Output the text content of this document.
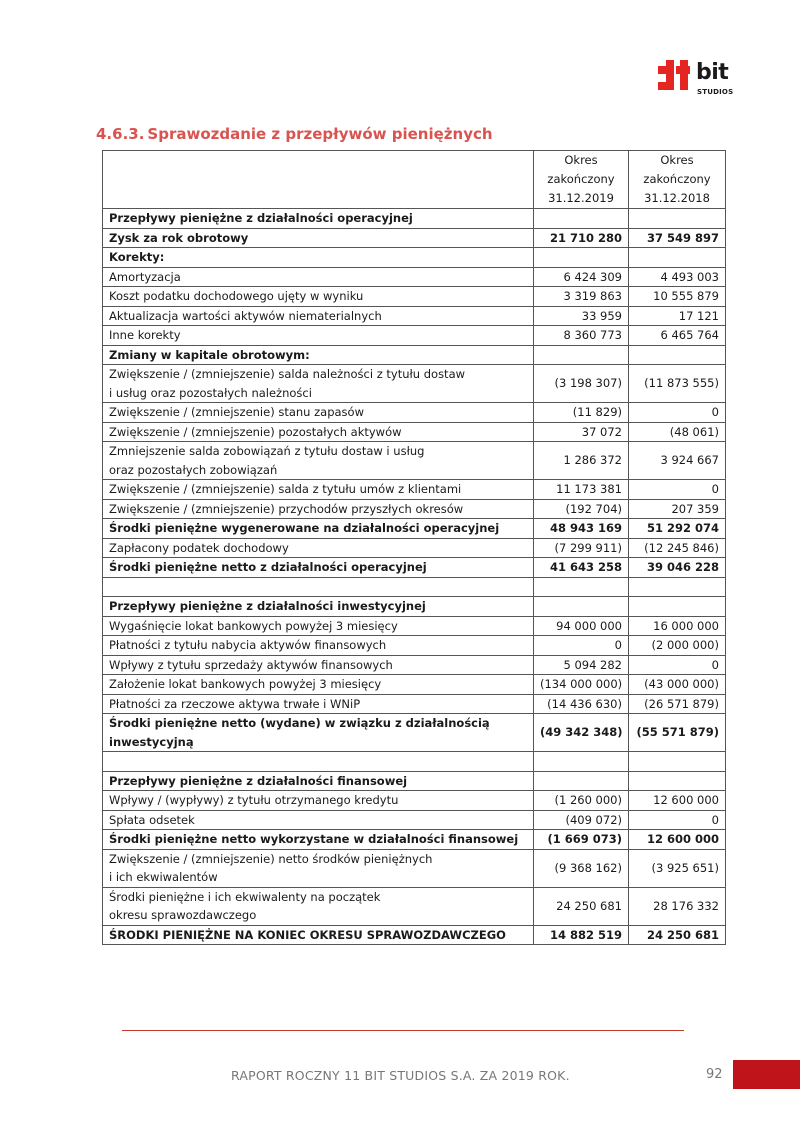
bit
STUDIOS
4.6.3. Sprawozdanie z przepływów pieniężnych

	Okres
zakończony
31.12.2019	Okres
zakończony
31.12.2018

Przepływy pieniężne z działalności operacyjnej		
Zysk za rok obrotowy	21 710 280	37 549 897
Korekty:		
Amortyzacja	6 424 309	4 493 003
Koszt podatku dochodowego ujęty w wyniku	3 319 863	10 555 879
Aktualizacja wartości aktywów niematerialnych	33 959	17 121
Inne korekty	8 360 773	6 465 764
Zmiany w kapitale obrotowym:		

Zwiększenie / (zmniejszenie) salda należności z tytułu dostaw
i usług oraz pozostałych należności	(3 198 307)	(11 873 555)
Zwiększenie / (zmniejszenie) stanu zapasów	(11 829)	0
Zwiększenie / (zmniejszenie) pozostałych aktywów	37 072	(48 061)

Zmniejszenie salda zobowiązań z tytułu dostaw i usług
oraz pozostałych zobowiązań	1 286 372	3 924 667
Zwiększenie / (zmniejszenie) salda z tytułu umów z klientami	11 173 381	0
Zwiększenie / (zmniejszenie) przychodów przyszłych okresów	(192 704)	207 359
Środki pieniężne wygenerowane na działalności operacyjnej	48 943 169	51 292 074
Zapłacony podatek dochodowy	(7 299 911)	(12 245 846)
Środki pieniężne netto z działalności operacyjnej	41 643 258	39 046 228

Przepływy pieniężne z działalności inwestycyjnej		
Wygaśnięcie lokat bankowych powyżej 3 miesięcy	94 000 000	16 000 000
Płatności z tytułu nabycia aktywów finansowych	0	(2 000 000)
Wpływy z tytułu sprzedaży aktywów finansowych	5 094 282	0
Założenie lokat bankowych powyżej 3 miesięcy	(134 000 000)	(43 000 000)
Płatności za rzeczowe aktywa trwałe i WNiP	(14 436 630)	(26 571 879)

Środki pieniężne netto (wydane) w związku z działalnością
inwestycyjną	(49 342 348)	(55 571 879)

Przepływy pieniężne z działalności finansowej		
Wpływy / (wypływy) z tytułu otrzymanego kredytu	(1 260 000)	12 600 000
Spłata odsetek	(409 072)	0
Środki pieniężne netto wykorzystane w działalności finansowej	(1 669 073)	12 600 000

Zwiększenie / (zmniejszenie) netto środków pieniężnych
i ich ekwiwalentów	(9 368 162)	(3 925 651)

Środki pieniężne i ich ekwiwalenty na początek
okresu sprawozdawczego	24 250 681	28 176 332
ŚRODKI PIENIĘŻNE NA KONIEC OKRESU SPRAWOZDAWCZEGO	14 882 519	24 250 681
RAPORT ROCZNY 11 BIT STUDIOS S.A. ZA 2019 ROK.	92
